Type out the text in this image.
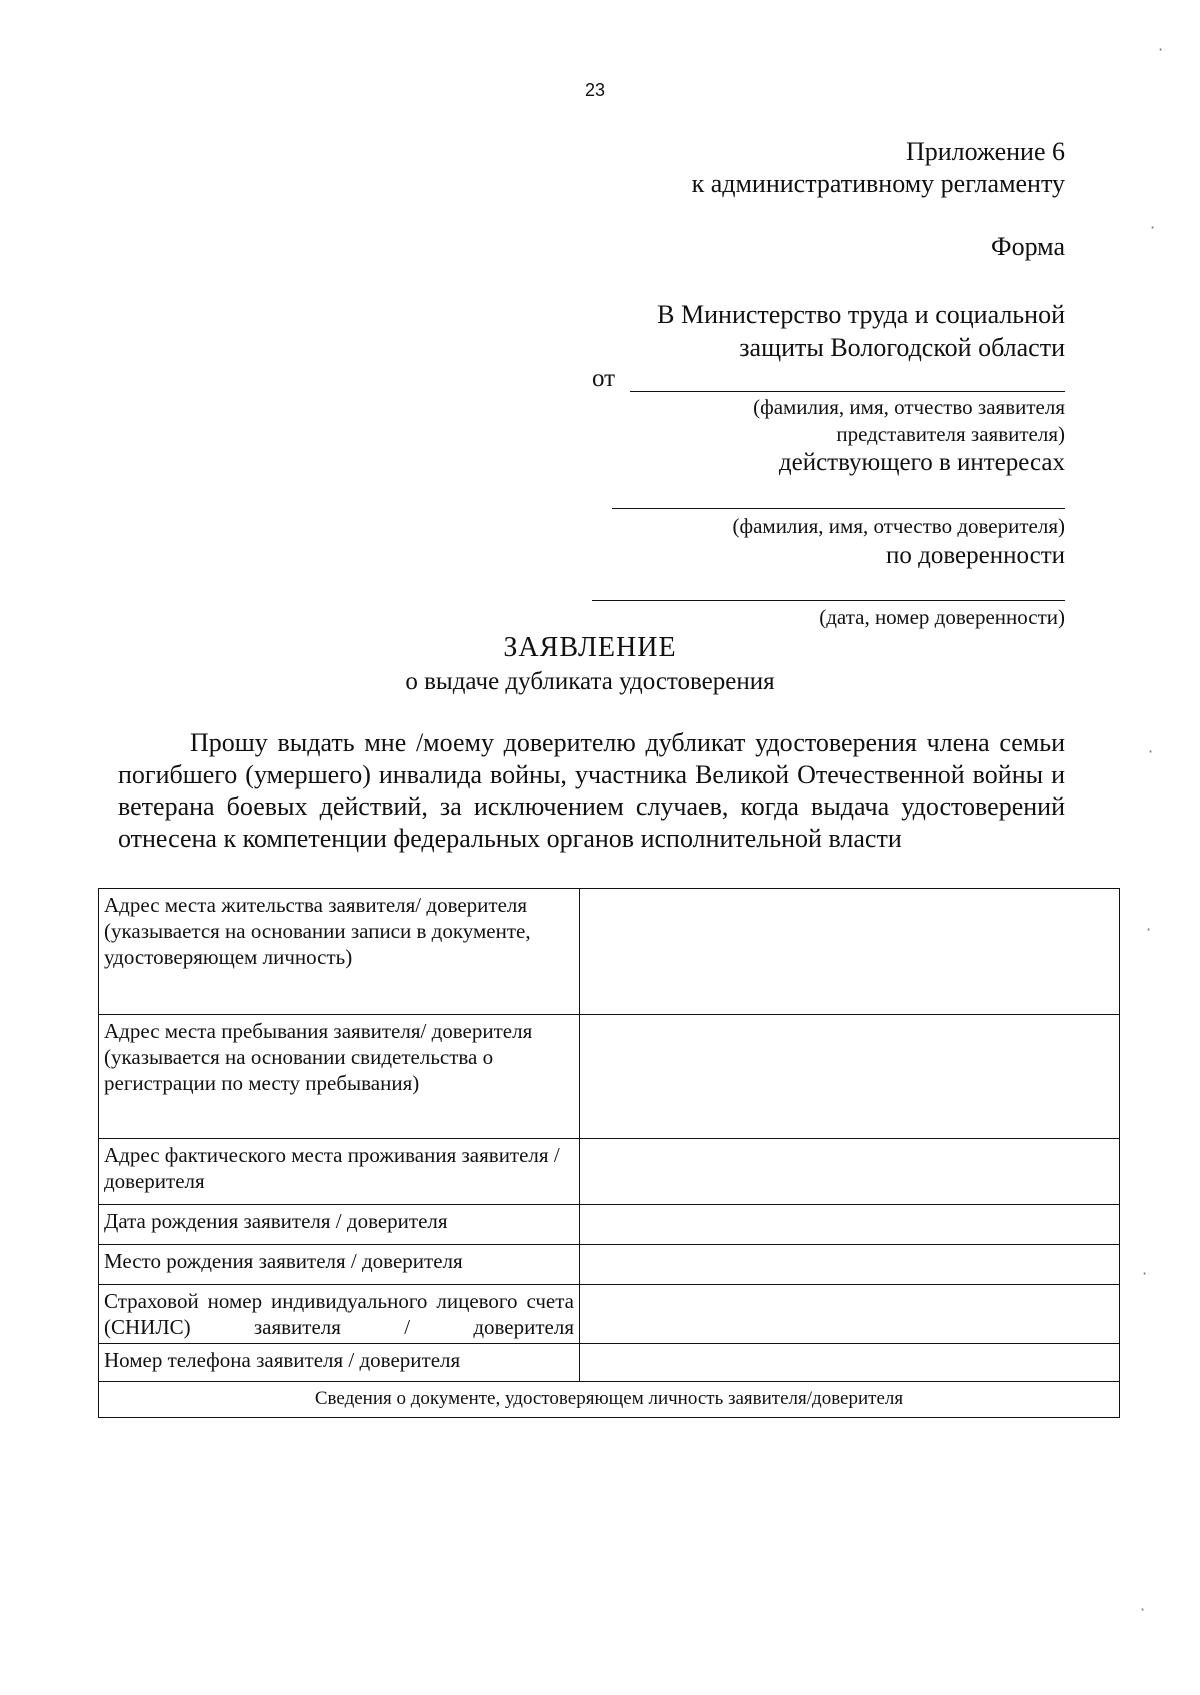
23
Приложение 6
к административному регламенту
Форма
В Министерство труда и социальной
защиты Вологодской области
от
(фамилия, имя, отчество заявителя
представителя заявителя)
действующего в интересах
(фамилия, имя, отчество доверителя)
по доверенности
(дата, номер доверенности)
ЗАЯВЛЕНИЕ
о выдаче дубликата удостоверения
Прошу выдать мне /моему доверителю дубликат удостоверения члена семьи погибшего (умершего) инвалида войны, участника Великой Отечественной войны и ветерана боевых действий, за исключением случаев, когда выдача удостоверений отнесена к компетенции федеральных органов исполнительной власти
Адрес места жительства заявителя/ доверителя (указывается на основании записи в документе, удостоверяющем личность)	
Адрес места пребывания заявителя/ доверителя (указывается на основании свидетельства о регистрации по месту пребывания)	
Адрес фактического места проживания заявителя / доверителя	
Дата рождения заявителя / доверителя	
Место рождения заявителя / доверителя	
Страховой номер индивидуального лицевого счета (СНИЛС) заявителя / доверителя	
Номер телефона заявителя / доверителя	
Сведения о документе, удостоверяющем личность заявителя/доверителя	
·
·
·
·
·
·
